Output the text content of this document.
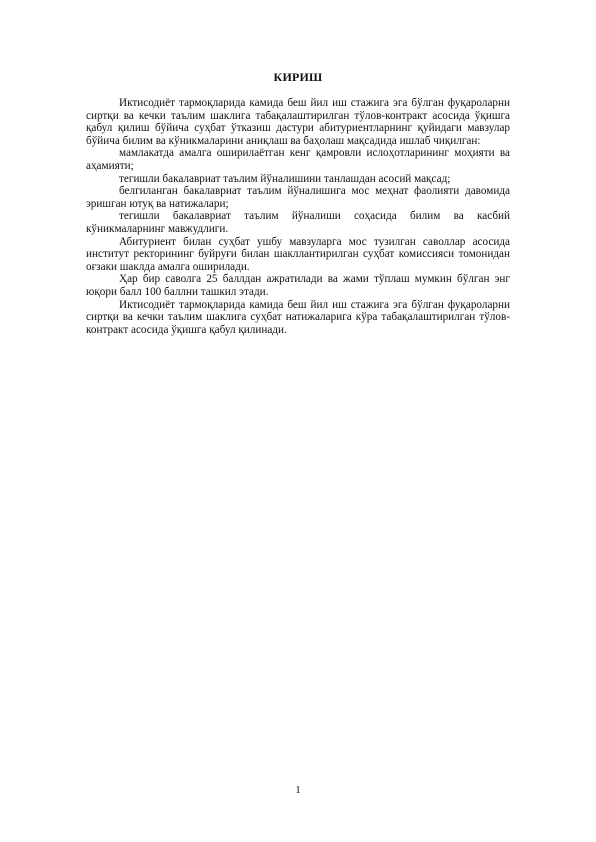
КИРИШ

Иктисодиёт тармоқларида камида беш йил иш стажига эга бўлган фуқароларни сиртқи ва кечки таълим шаклига табақалаштирилган тўлов-контракт асосида ўқишга қабул қилиш бўйича суҳбат ўтказиш дастури абитуриентларнинг қуйидаги мавзулар бўйича билим ва кўникмаларини аниқлаш ва баҳолаш мақсадида ишлаб чиқилган:

мамлакатда амалга оширилаётган кенг қамровли ислоҳотларининг моҳияти ва аҳамияти;

тегишли бакалавриат таълим йўналишини танлашдан асосий мақсад;

белгиланган бакалавриат таълим йўналишига мос меҳнат фаолияти давомида эришган ютуқ ва натижалари;

тегишли бакалавриат таълим йўналиши соҳасида билим ва касбий кўникмаларнинг мавжудлиги.

Абитуриент билан суҳбат ушбу мавзуларга мос тузилган саволлар асосида институт ректорининг буйруғи билан шакллантирилган суҳбат комиссияси томонидан оғзаки шаклда амалга оширилади.

Ҳар бир саволга 25 баллдан ажратилади ва жами тўплаш мумкин бўлган энг юқори балл 100 баллни ташкил этади.

Иктисодиёт тармоқларида камида беш йил иш стажига эга бўлган фуқароларни сиртқи ва кечки таълим шаклига суҳбат натижаларига кўра табақалаштирилган тўлов-контракт асосида ўқишга қабул қилинади.

1
